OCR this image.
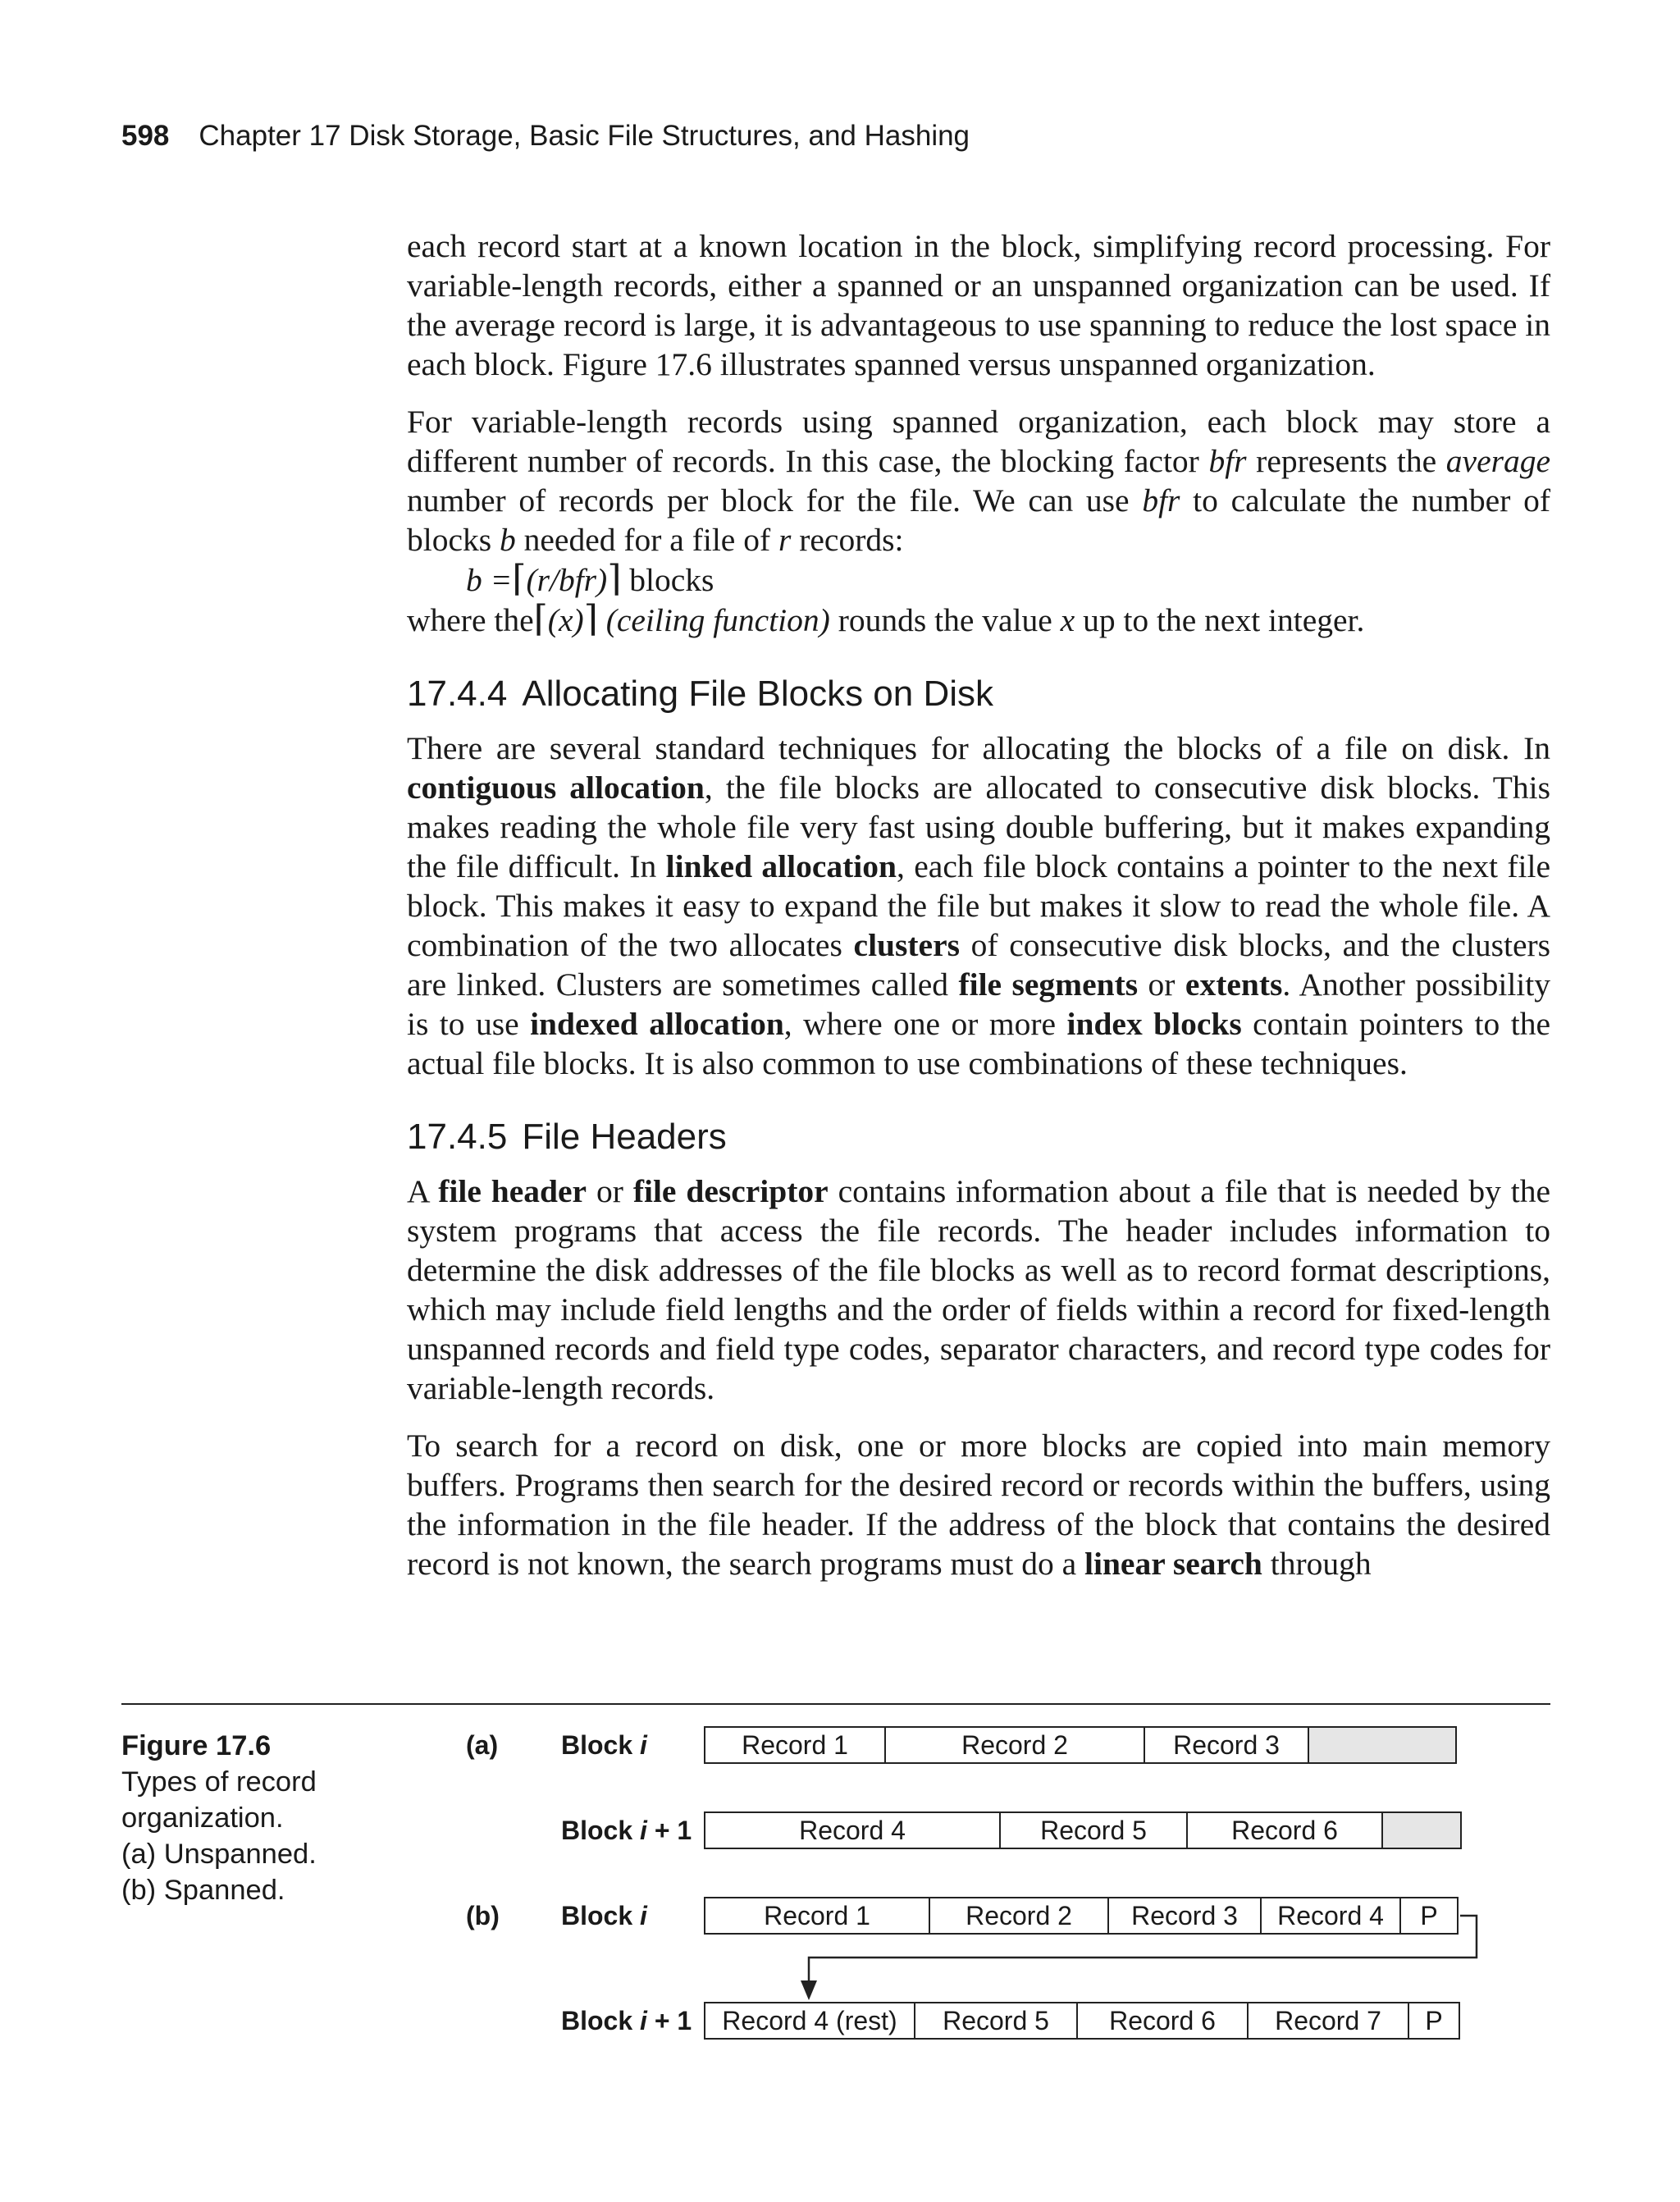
598 Chapter 17 Disk Storage, Basic File Structures, and Hashing

each record start at a known location in the block, simplifying record processing. For variable-length records, either a spanned or an unspanned organization can be used. If the average record is large, it is advantageous to use spanning to reduce the lost space in each block. Figure 17.6 illustrates spanned versus unspanned organization.

For variable-length records using spanned organization, each block may store a different number of records. In this case, the blocking factor bfr represents the average number of records per block for the file. We can use bfr to calculate the number of blocks b needed for a file of r records:

b =⌈(r/bfr)⌉ blocks
where the⌈(x)⌉ (ceiling function) rounds the value x up to the next integer.
17.4.4 Allocating File Blocks on Disk

There are several standard techniques for allocating the blocks of a file on disk. In contiguous allocation, the file blocks are allocated to consecutive disk blocks. This makes reading the whole file very fast using double buffering, but it makes expanding the file difficult. In linked allocation, each file block contains a pointer to the next file block. This makes it easy to expand the file but makes it slow to read the whole file. A combination of the two allocates clusters of consecutive disk blocks, and the clusters are linked. Clusters are sometimes called file segments or extents. Another possibility is to use indexed allocation, where one or more index blocks contain pointers to the actual file blocks. It is also common to use combinations of these techniques.

17.4.5 File Headers

A file header or file descriptor contains information about a file that is needed by the system programs that access the file records. The header includes information to determine the disk addresses of the file blocks as well as to record format descriptions, which may include field lengths and the order of fields within a record for fixed-length unspanned records and field type codes, separator characters, and record type codes for variable-length records.

To search for a record on disk, one or more blocks are copied into main memory buffers. Programs then search for the desired record or records within the buffers, using the information in the file header. If the address of the block that contains the desired record is not known, the search programs must do a linear search through

Figure 17.6
Types of record
organization.
(a) Unspanned.
(b) Spanned.
(a)
(b)
Block i
Block i + 1
Block i
Block i + 1
Record 1	Record 2	Record 3
Record 4	Record 5	Record 6
Record 1	Record 2	Record 3	Record 4	P
Record 4 (rest)	Record 5	Record 6	Record 7	P
